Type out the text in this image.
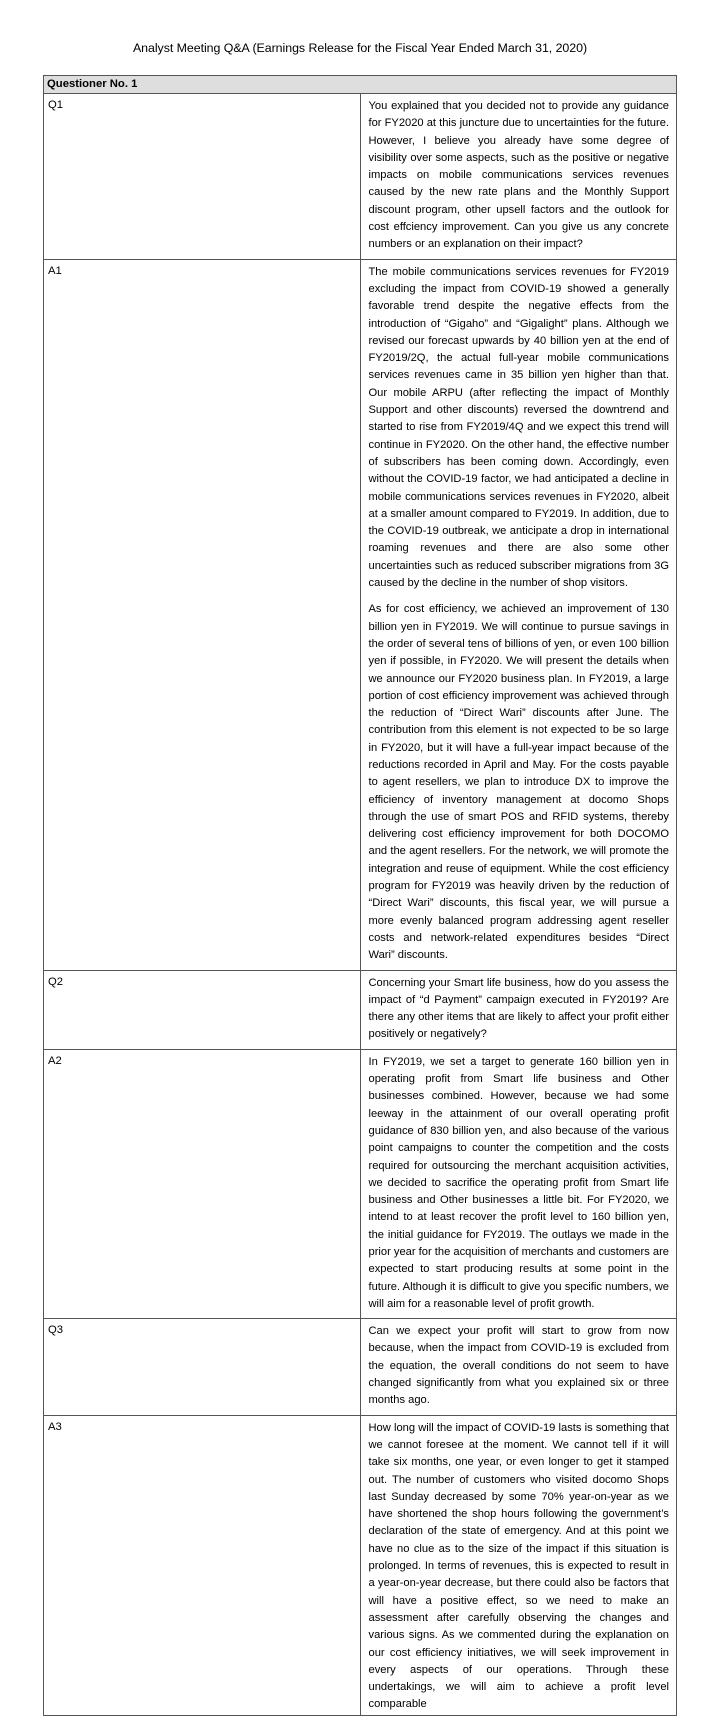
Analyst Meeting Q&A (Earnings Release for the Fiscal Year Ended March 31, 2020)
Questioner No. 1	
Q1	You explained that you decided not to provide any guidance for FY2020 at this juncture due to uncertainties for the future. However, I believe you already have some degree of visibility over some aspects, such as the positive or negative impacts on mobile communications services revenues caused by the new rate plans and the Monthly Support discount program, other upsell factors and the outlook for cost effciency improvement. Can you give us any concrete numbers or an explanation on their impact?

A1	The mobile communications services revenues for FY2019 excluding the impact from COVID-19 showed a generally favorable trend despite the negative effects from the introduction of “Gigaho” and “Gigalight” plans. Although we revised our forecast upwards by 40 billion yen at the end of FY2019/2Q, the actual full-year mobile communications services revenues came in 35 billion yen higher than that. Our mobile ARPU (after reflecting the impact of Monthly Support and other discounts) reversed the downtrend and started to rise from FY2019/4Q and we expect this trend will continue in FY2020. On the other hand, the effective number of subscribers has been coming down. Accordingly, even without the COVID-19 factor, we had anticipated a decline in mobile communications services revenues in FY2020, albeit at a smaller amount compared to FY2019. In addition, due to the COVID-19 outbreak, we anticipate a drop in international roaming revenues and there are also some other uncertainties such as reduced subscriber migrations from 3G caused by the decline in the number of shop visitors.

As for cost efficiency, we achieved an improvement of 130 billion yen in FY2019. We will continue to pursue savings in the order of several tens of billions of yen, or even 100 billion yen if possible, in FY2020. We will present the details when we announce our FY2020 business plan. In FY2019, a large portion of cost efficiency improvement was achieved through the reduction of “Direct Wari” discounts after June. The contribution from this element is not expected to be so large in FY2020, but it will have a full-year impact because of the reductions recorded in April and May. For the costs payable to agent resellers, we plan to introduce DX to improve the efficiency of inventory management at docomo Shops through the use of smart POS and RFID systems, thereby delivering cost efficiency improvement for both DOCOMO and the agent resellers. For the network, we will promote the integration and reuse of equipment. While the cost efficiency program for FY2019 was heavily driven by the reduction of “Direct Wari” discounts, this fiscal year, we will pursue a more evenly balanced program addressing agent reseller costs and network-related expenditures besides “Direct Wari” discounts.

Q2	Concerning your Smart life business, how do you assess the impact of “d Payment” campaign executed in FY2019? Are there any other items that are likely to affect your profit either positively or negatively?

A2	In FY2019, we set a target to generate 160 billion yen in operating profit from Smart life business and Other businesses combined. However, because we had some leeway in the attainment of our overall operating profit guidance of 830 billion yen, and also because of the various point campaigns to counter the competition and the costs required for outsourcing the merchant acquisition activities, we decided to sacrifice the operating profit from Smart life business and Other businesses a little bit. For FY2020, we intend to at least recover the profit level to 160 billion yen, the initial guidance for FY2019. The outlays we made in the prior year for the acquisition of merchants and customers are expected to start producing results at some point in the future. Although it is difficult to give you specific numbers, we will aim for a reasonable level of profit growth.

Q3	Can we expect your profit will start to grow from now because, when the impact from COVID-19 is excluded from the equation, the overall conditions do not seem to have changed significantly from what you explained six or three months ago.

A3	How long will the impact of COVID-19 lasts is something that we cannot foresee at the moment. We cannot tell if it will take six months, one year, or even longer to get it stamped out. The number of customers who visited docomo Shops last Sunday decreased by some 70% year-on-year as we have shortened the shop hours following the government’s declaration of the state of emergency. And at this point we have no clue as to the size of the impact if this situation is prolonged. In terms of revenues, this is expected to result in a year-on-year decrease, but there could also be factors that will have a positive effect, so we need to make an assessment after carefully observing the changes and various signs. As we commented during the explanation on our cost efficiency initiatives, we will seek improvement in every aspects of our operations. Through these undertakings, we will aim to achieve a profit level comparable
